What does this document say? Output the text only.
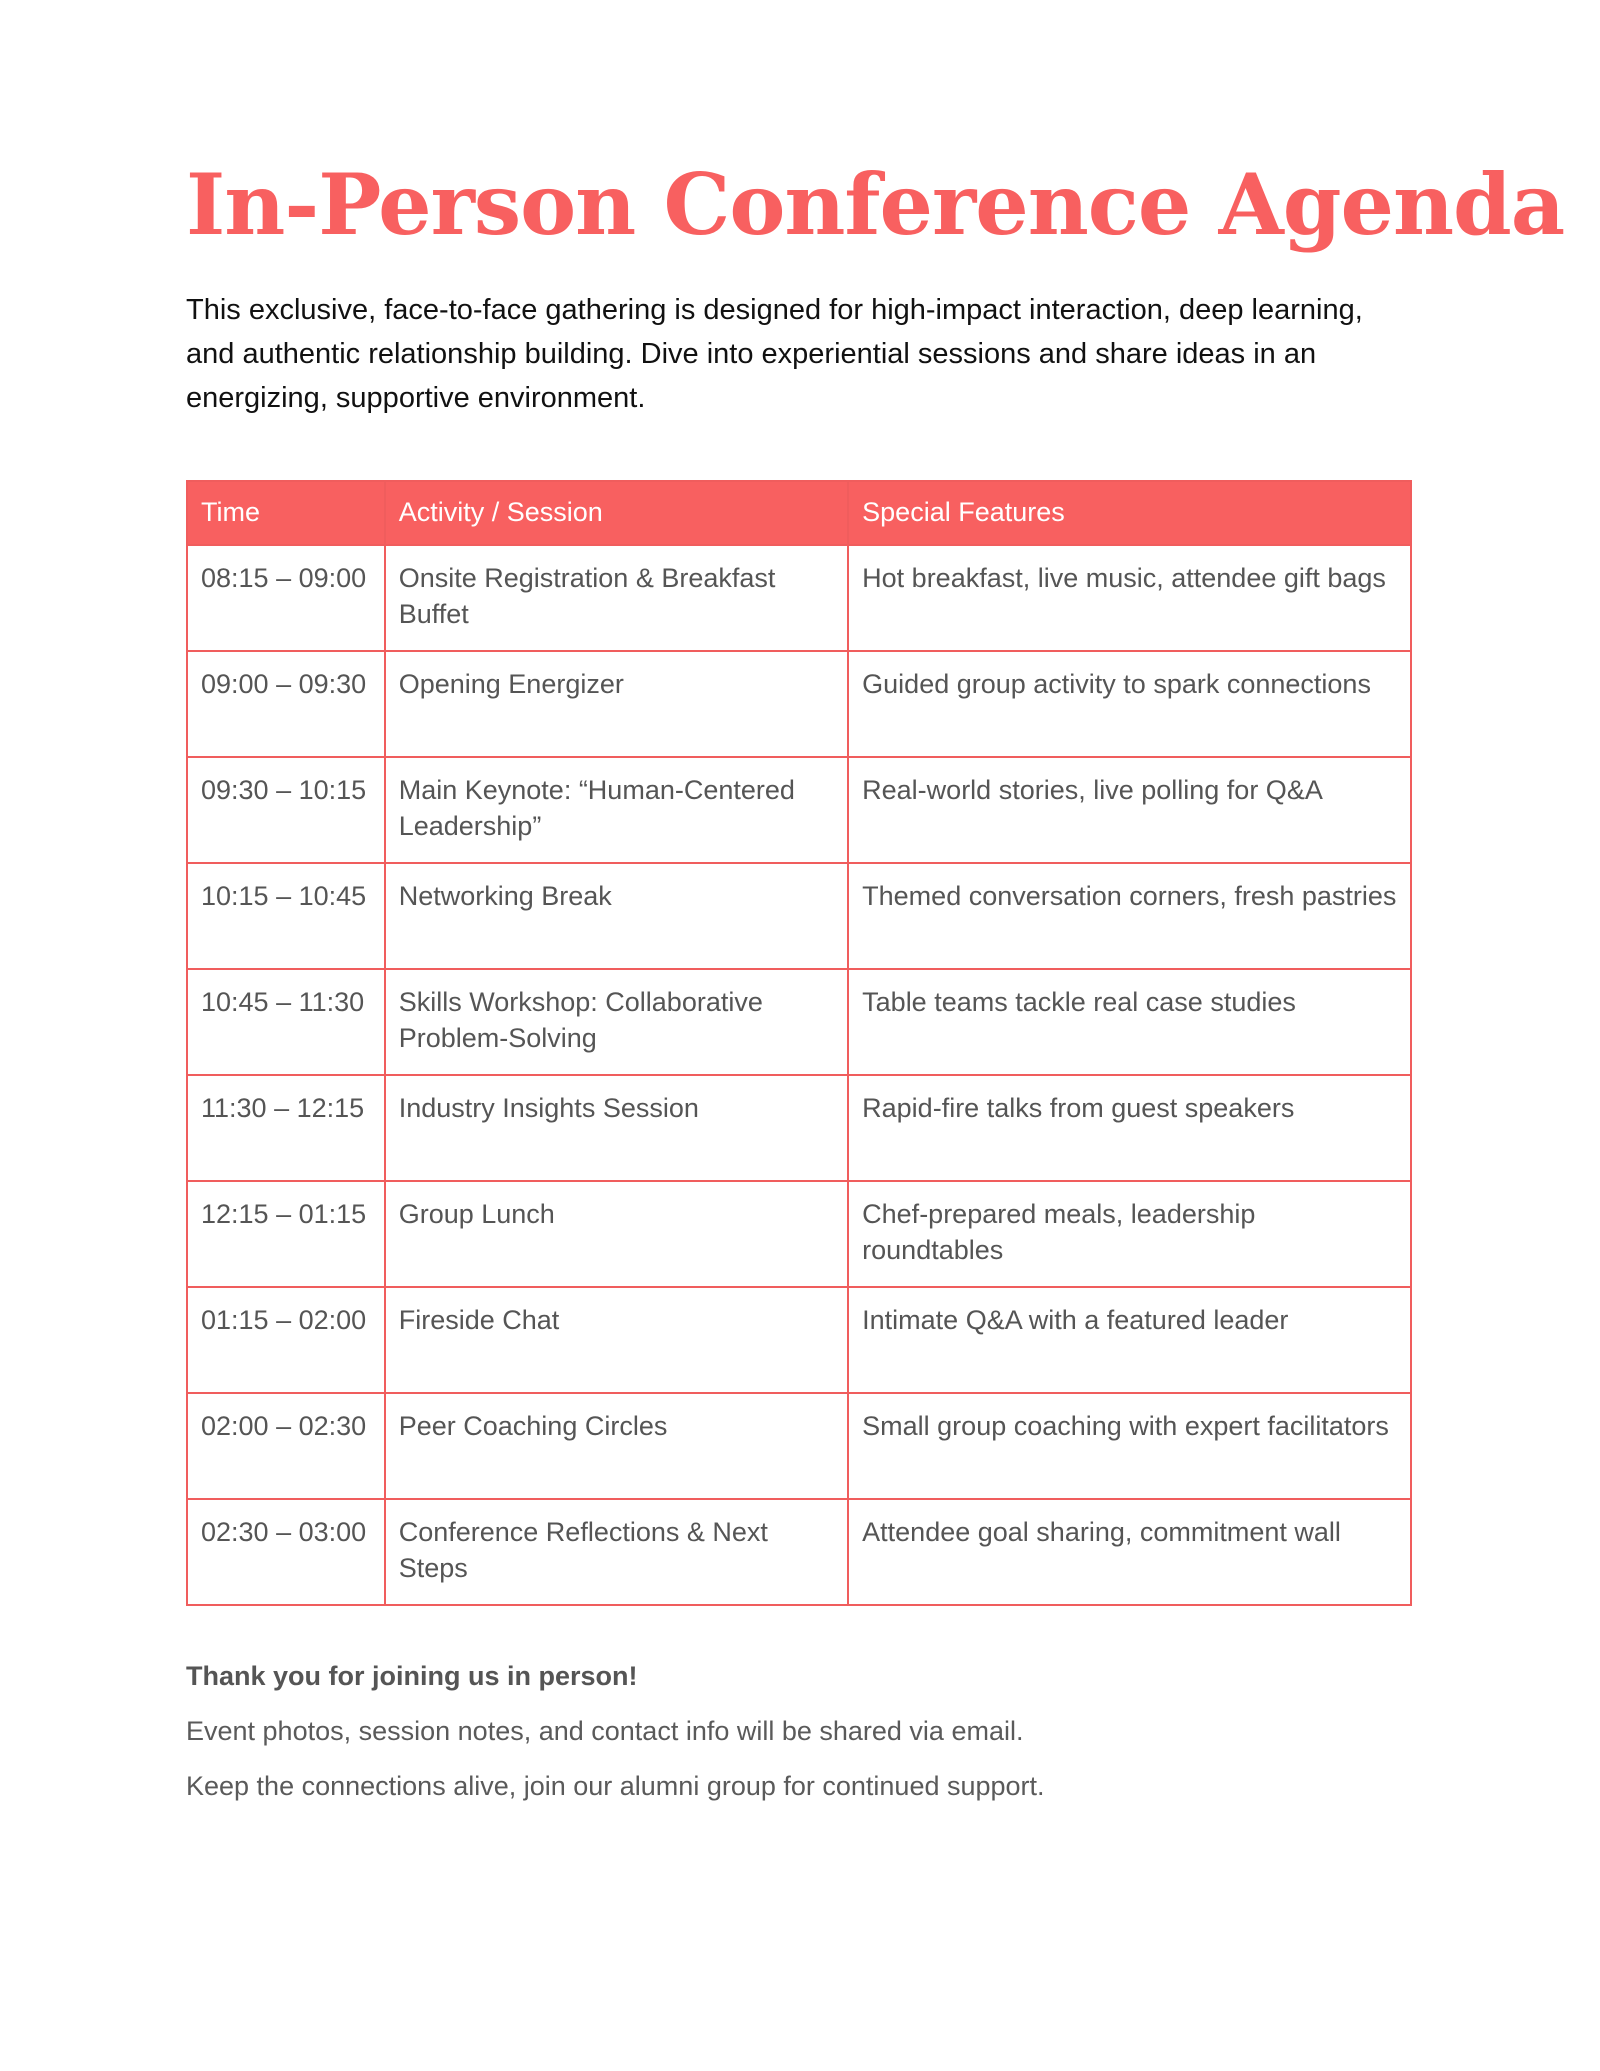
In-Person Conference Agenda

This exclusive, face-to-face gathering is designed for high-impact interaction, deep learning, and authentic relationship building. Dive into experiential sessions and share ideas in an energizing, supportive environment.

Time	Activity / Session	Special Features
08:15 – 09:00	Onsite Registration & Breakfast Buffet	Hot breakfast, live music, attendee gift bags
09:00 – 09:30	Opening Energizer	Guided group activity to spark connections
09:30 – 10:15	Main Keynote: “Human-Centered Leadership”	Real-world stories, live polling for Q&A
10:15 – 10:45	Networking Break	Themed conversation corners, fresh pastries
10:45 – 11:30	Skills Workshop: Collaborative Problem-Solving	Table teams tackle real case studies
11:30 – 12:15	Industry Insights Session	Rapid-fire talks from guest speakers
12:15 – 01:15	Group Lunch	Chef-prepared meals, leadership roundtables
01:15 – 02:00	Fireside Chat	Intimate Q&A with a featured leader
02:00 – 02:30	Peer Coaching Circles	Small group coaching with expert facilitators
02:30 – 03:00	Conference Reflections & Next Steps	Attendee goal sharing, commitment wall

Thank you for joining us in person!

Event photos, session notes, and contact info will be shared via email.

Keep the connections alive, join our alumni group for continued support.
